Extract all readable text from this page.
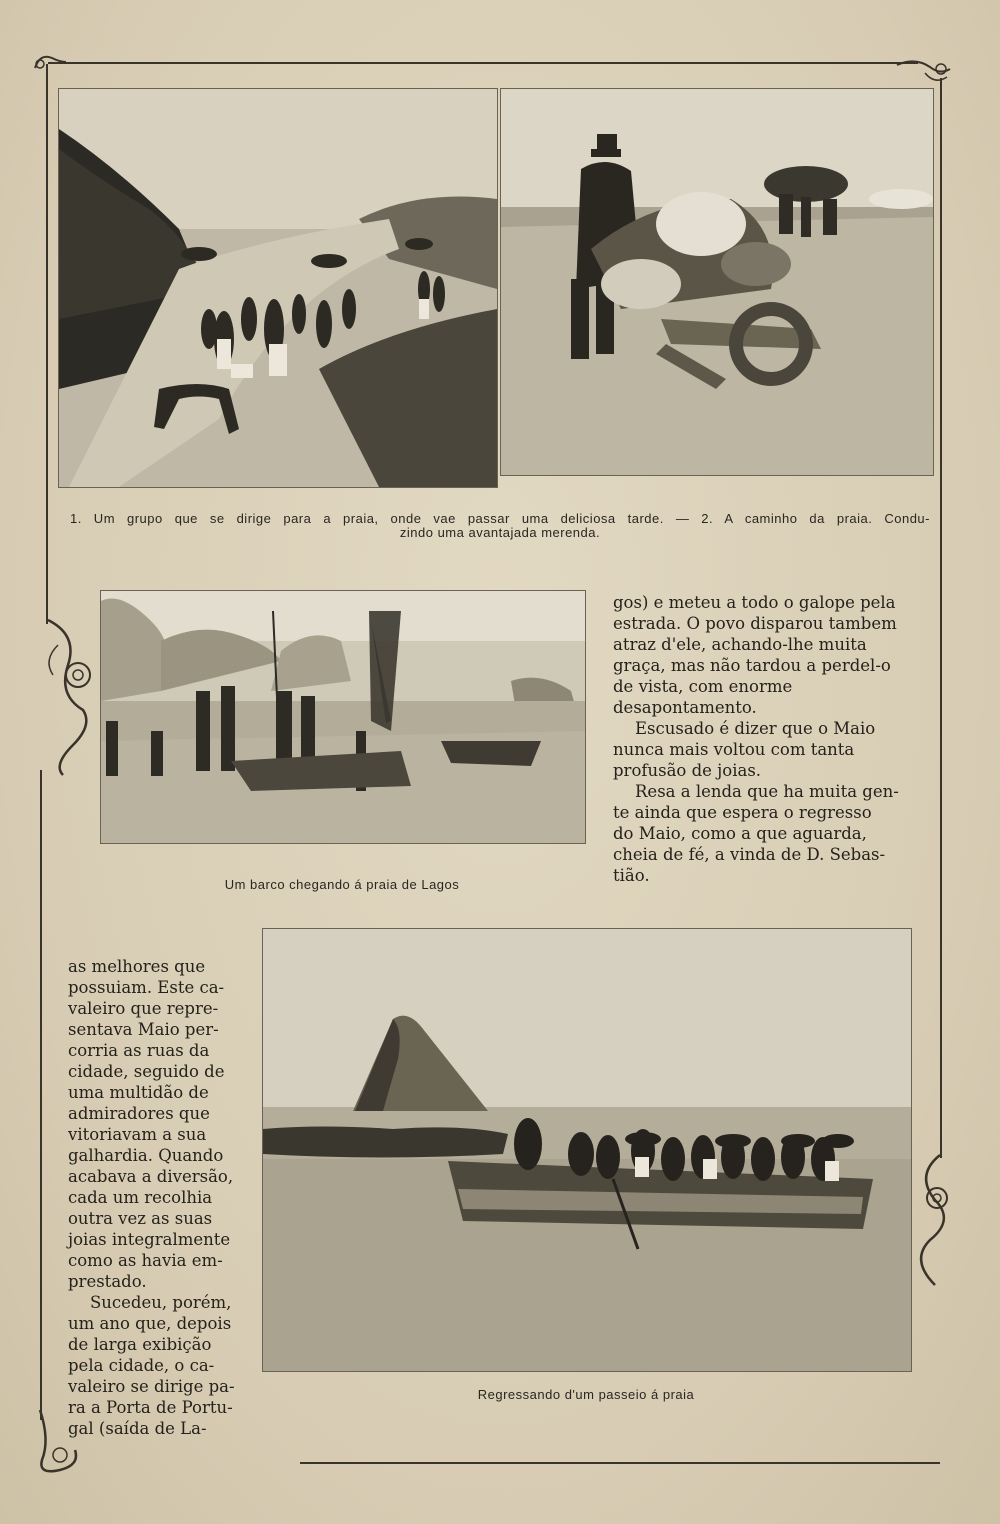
1. Um grupo que se dirige para a praia, onde vae passar uma deliciosa tarde. — 2. A caminho da praia. Condu-
zindo uma avantajada merenda.
Um barco chegando á praia de Lagos
gos) e meteu a todo o galope pela
estrada. O povo disparou tambem
atraz d'ele, achando-lhe muita
graça, mas não tardou a perdel-o
de vista, com enorme desapontamento.
Escusado é dizer que o Maio
nunca mais voltou com tanta
profusão de joias.
Resa a lenda que ha muita gen-
te ainda que espera o regresso
do Maio, como a que aguarda,
cheia de fé, a vinda de D. Sebas-
tião.
Regressando d'um passeio á praia
as melhores que
possuiam. Este ca-
valeiro que repre-
sentava Maio per-
corria as ruas da
cidade, seguido de
uma multidão de
admiradores que
vitoriavam a sua
galhardia. Quando
acabava a diversão,
cada um recolhia
outra vez as suas
joias integralmente
como as havia em-
prestado.
Sucedeu, porém,
um ano que, depois
de larga exibição
pela cidade, o ca-
valeiro se dirige pa-
ra a Porta de Portu-
gal (saída de La-
